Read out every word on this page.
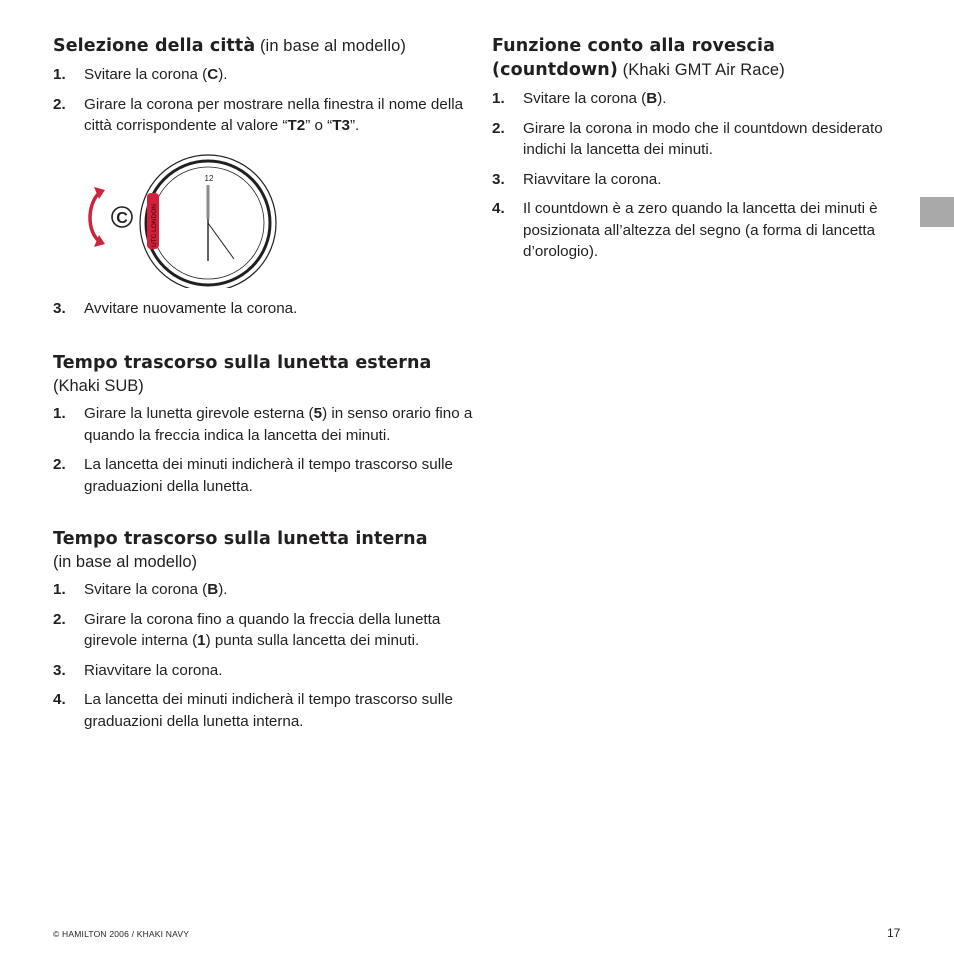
Selezione della città (in base al modello)
1. Svitare la corona (C).
2. Girare la corona per mostrare nella finestra il nome della città corrispondente al valore “T2” o “T3”.
C	UTC LONDON
12
3. Avvitare nuovamente la corona.
Tempo trascorso sulla lunetta esterna
(Khaki SUB)
1. Girare la lunetta girevole esterna (5) in senso orario fino a quando la freccia indica la lancetta dei minuti.
2. La lancetta dei minuti indicherà il tempo trascorso sulle graduazioni della lunetta.
Tempo trascorso sulla lunetta interna
(in base al modello)
1. Svitare la corona (B).
2. Girare la corona fino a quando la freccia della lunetta girevole interna (1) punta sulla lancetta dei minuti.
3. Riavvitare la corona.
4. La lancetta dei minuti indicherà il tempo trascorso sulle graduazioni della lunetta interna.
Funzione conto alla rovescia
(countdown) (Khaki GMT Air Race)
1. Svitare la corona (B).
2. Girare la corona in modo che il countdown desiderato indichi la lancetta dei minuti.
3. Riavvitare la corona.
4. Il countdown è a zero quando la lancetta dei minuti è posizionata all’altezza del segno (a forma di lancetta d’orologio).
© HAMILTON 2006 / KHAKI NAVY	17
